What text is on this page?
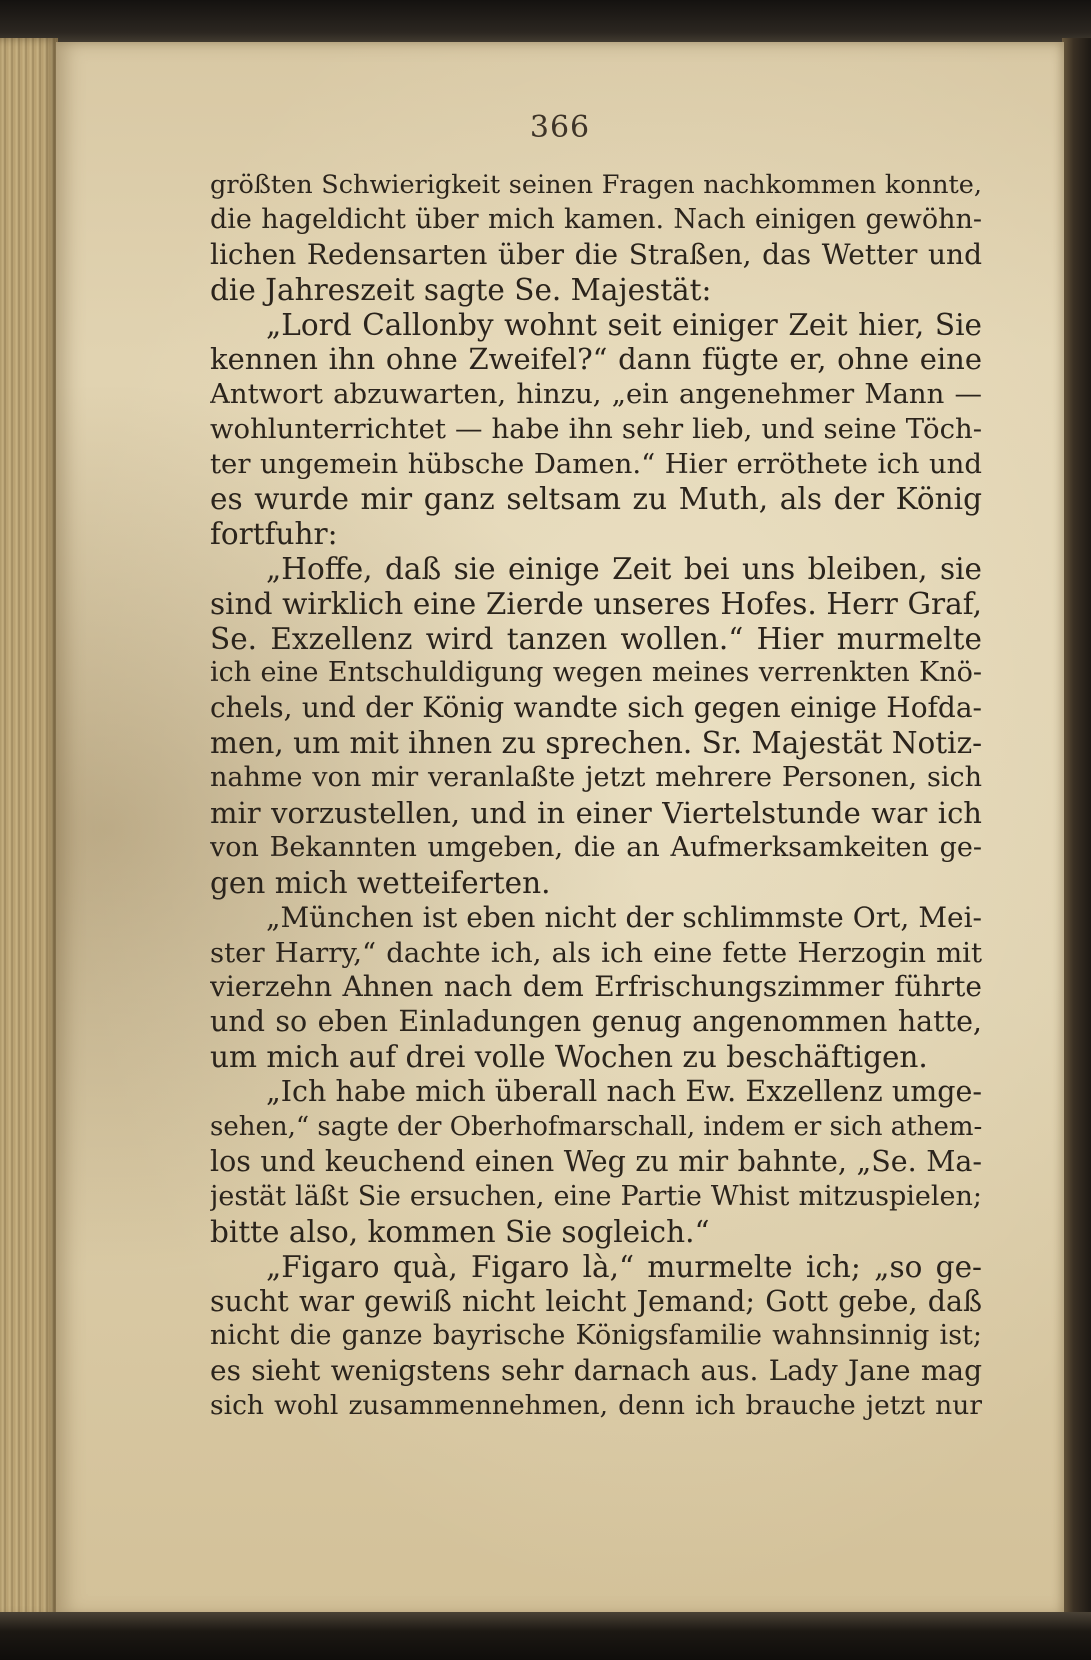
366
größten Schwierigkeit seinen Fragen nachkommen konnte,
die hageldicht über mich kamen. Nach einigen gewöhn-
lichen Redensarten über die Straßen, das Wetter und
die Jahreszeit sagte Se. Majestät:
„Lord Callonby wohnt seit einiger Zeit hier, Sie
kennen ihn ohne Zweifel?“ dann fügte er, ohne eine
Antwort abzuwarten, hinzu, „ein angenehmer Mann —
wohlunterrichtet — habe ihn sehr lieb, und seine Töch-
ter ungemein hübsche Damen.“ Hier erröthete ich und
es wurde mir ganz seltsam zu Muth, als der König
fortfuhr:
„Hoffe, daß sie einige Zeit bei uns bleiben, sie
sind wirklich eine Zierde unseres Hofes. Herr Graf,
Se. Exzellenz wird tanzen wollen.“ Hier murmelte
ich eine Entschuldigung wegen meines verrenkten Knö-
chels, und der König wandte sich gegen einige Hofda-
men, um mit ihnen zu sprechen. Sr. Majestät Notiz-
nahme von mir veranlaßte jetzt mehrere Personen, sich
mir vorzustellen, und in einer Viertelstunde war ich
von Bekannten umgeben, die an Aufmerksamkeiten ge-
gen mich wetteiferten.
„München ist eben nicht der schlimmste Ort, Mei-
ster Harry,“ dachte ich, als ich eine fette Herzogin mit
vierzehn Ahnen nach dem Erfrischungszimmer führte
und so eben Einladungen genug angenommen hatte,
um mich auf drei volle Wochen zu beschäftigen.
„Ich habe mich überall nach Ew. Exzellenz umge-
sehen,“ sagte der Oberhofmarschall, indem er sich athem-
los und keuchend einen Weg zu mir bahnte, „Se. Ma-
jestät läßt Sie ersuchen, eine Partie Whist mitzuspielen;
bitte also, kommen Sie sogleich.“
„Figaro quà, Figaro là,“ murmelte ich; „so ge-
sucht war gewiß nicht leicht Jemand; Gott gebe, daß
nicht die ganze bayrische Königsfamilie wahnsinnig ist;
es sieht wenigstens sehr darnach aus. Lady Jane mag
sich wohl zusammennehmen, denn ich brauche jetzt nur
